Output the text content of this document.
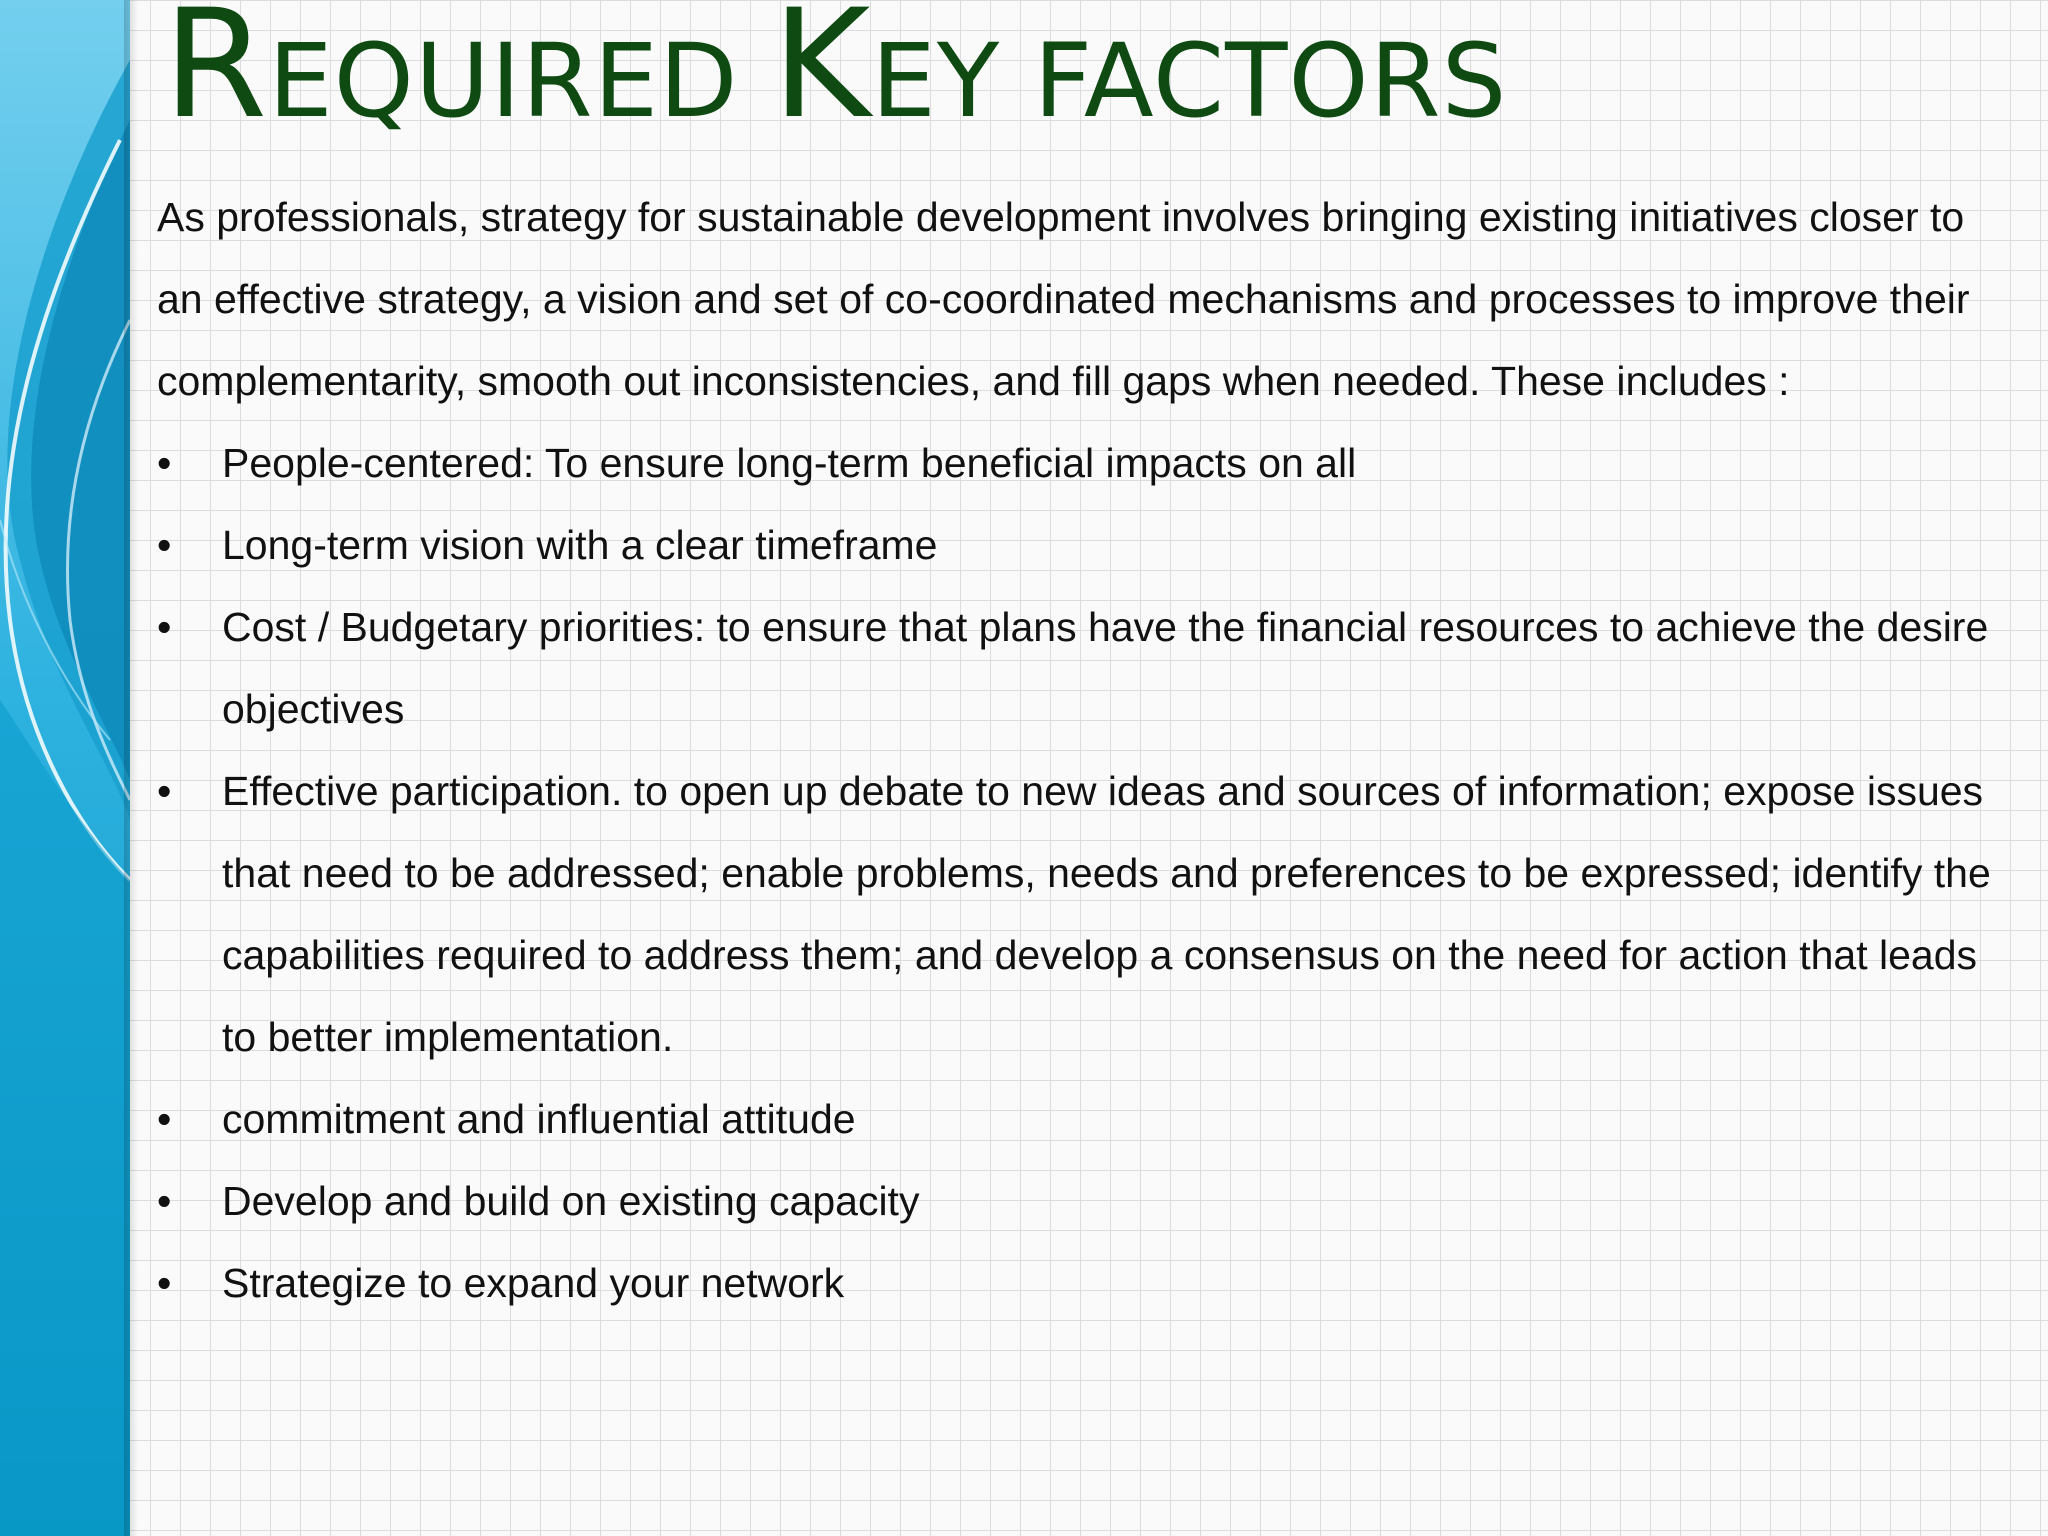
REQUIRED KEY FACTORS

As professionals, strategy for sustainable development involves bringing existing initiatives closer to an effective strategy, a vision and set of co-coordinated mechanisms and processes to improve their complementarity, smooth out inconsistencies, and fill gaps when needed. These includes :

•	People-centered: To ensure long-term beneficial impacts on all
•	Long-term vision with a clear timeframe
•	Cost / Budgetary priorities: to ensure that plans have the financial resources to achieve the desire objectives
•	Effective participation. to open up debate to new ideas and sources of information; expose issues that need to be addressed; enable problems, needs and preferences to be expressed; identify the capabilities required to address them; and develop a consensus on the need for action that leads to better implementation.
•	commitment and influential attitude
•	Develop and build on existing capacity
•	Strategize to expand your network
